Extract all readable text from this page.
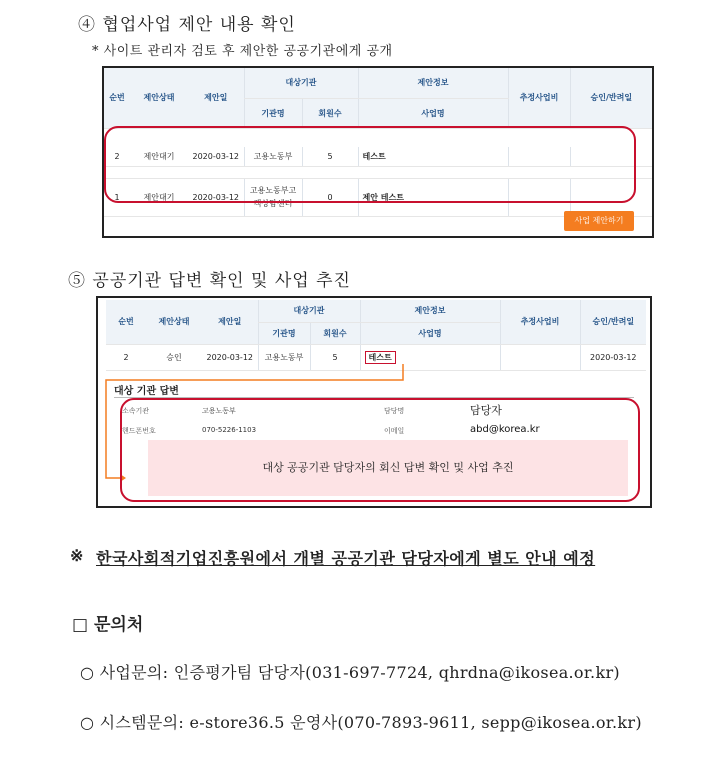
④ 협업사업 제안 내용 확인
* 사이트 관리자 검토 후 제안한 공공기관에게 공개
순번	제안상태	제안일	대상기관		제안정보	추정사업비	승인/반려일
			기관명	회원수	사업명		

2	제안대기	2020-03-12	고용노동부	5	테스트		

1	제안대기	2020-03-12	고용노동부고
객상담센터	0	제안 테스트		
사업 제안하기
⑤ 공공기관 답변 확인 및 사업 추진
순번	제안상태	제안일	대상기관		제안정보	추정사업비	승인/반려일
			기관명	회원수	사업명		
2	승인	2020-03-12	고용노동부	5	테스트		2020-03-12
대상 기관 답변
소속기관	고용노동부	담당명	담당자
핸드폰번호	070-5226-1103	이메일	abd@korea.kr
대상 공공기관 담당자의 회신 답변 확인 및 사업 추진
※ 한국사회적기업진흥원에서 개별 공공기관 담당자에게 별도 안내 예정
□ 문의처
○ 사업문의: 인증평가팀 담당자(031-697-7724, qhrdna@ikosea.or.kr)
○ 시스템문의: e-store36.5 운영사(070-7893-9611, sepp@ikosea.or.kr)
